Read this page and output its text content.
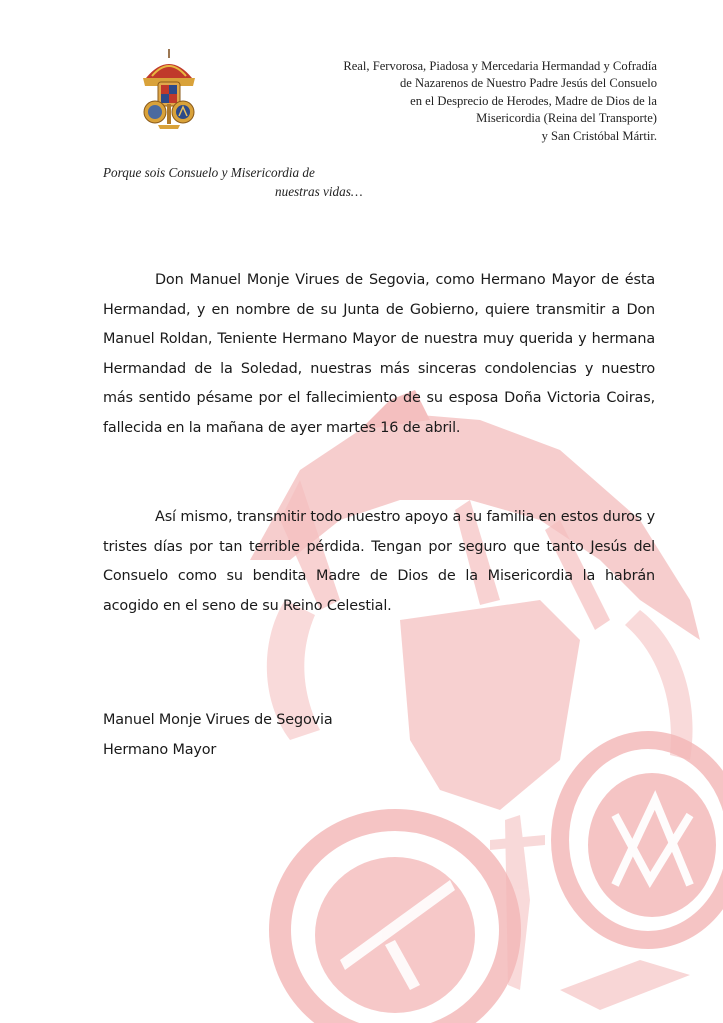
Real, Fervorosa, Piadosa y Mercedaria Hermandad y Cofradía
de Nazarenos de Nuestro Padre Jesús del Consuelo
en el Desprecio de Herodes, Madre de Dios de la
Misericordia (Reina del Transporte)
y San Cristóbal Mártir.
Porque sois Consuelo y Misericordia de
nuestras vidas…

Don Manuel Monje Virues de Segovia, como Hermano Mayor de ésta Hermandad, y en nombre de su Junta de Gobierno, quiere transmitir a Don Manuel Roldan, Teniente Hermano Mayor de nuestra muy querida y hermana Hermandad de la Soledad, nuestras más sinceras condolencias y nuestro más sentido pésame por el fallecimiento de su esposa Doña Victoria Coiras, fallecida en la mañana de ayer martes 16 de abril.

Así mismo, transmitir todo nuestro apoyo a su familia en estos duros y tristes días por tan terrible pérdida. Tengan por seguro que tanto Jesús del Consuelo como su bendita Madre de Dios de la Misericordia la habrán acogido en el seno de su Reino Celestial.

Manuel Monje Virues de Segovia
Hermano Mayor
